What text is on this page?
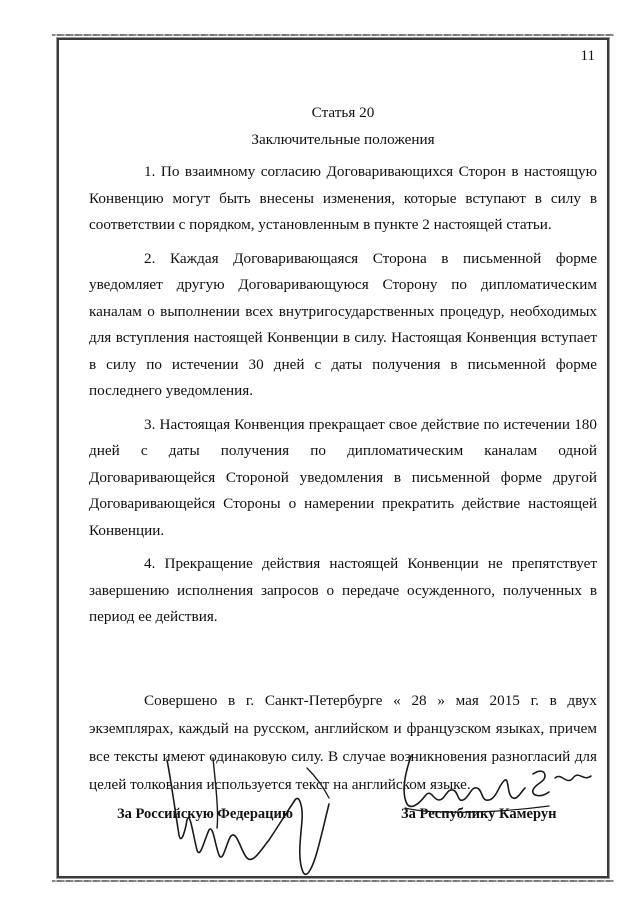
11

Статья 20

Заключительные положения

1. По взаимному согласию Договаривающихся Сторон в настоящую Конвенцию могут быть внесены изменения, которые вступают в силу в соответствии с порядком, установленным в пункте 2 настоящей статьи.

2. Каждая Договаривающаяся Сторона в письменной форме уведомляет другую Договаривающуюся Сторону по дипломатическим каналам о выполнении всех внутригосударственных процедур, необходимых для вступления настоящей Конвенции в силу. Настоящая Конвенция вступает в силу по истечении 30 дней с даты получения в письменной форме последнего уведомления.

3. Настоящая Конвенция прекращает свое действие по истечении 180 дней с даты получения по дипломатическим каналам одной Договаривающейся Стороной уведомления в письменной форме другой Договаривающейся Стороны о намерении прекратить действие настоящей Конвенции.

4. Прекращение действия настоящей Конвенции не препятствует завершению исполнения запросов о передаче осужденного, полученных в период ее действия.

Совершено в г. Санкт-Петербурге « 28 » мая 2015 г. в двух экземплярах, каждый на русском, английском и французском языках, причем все тексты имеют одинаковую силу. В случае возникновения разногласий для целей толкования используется текст на английском языке.

За Российскую Федерацию	За Республику Камерун
